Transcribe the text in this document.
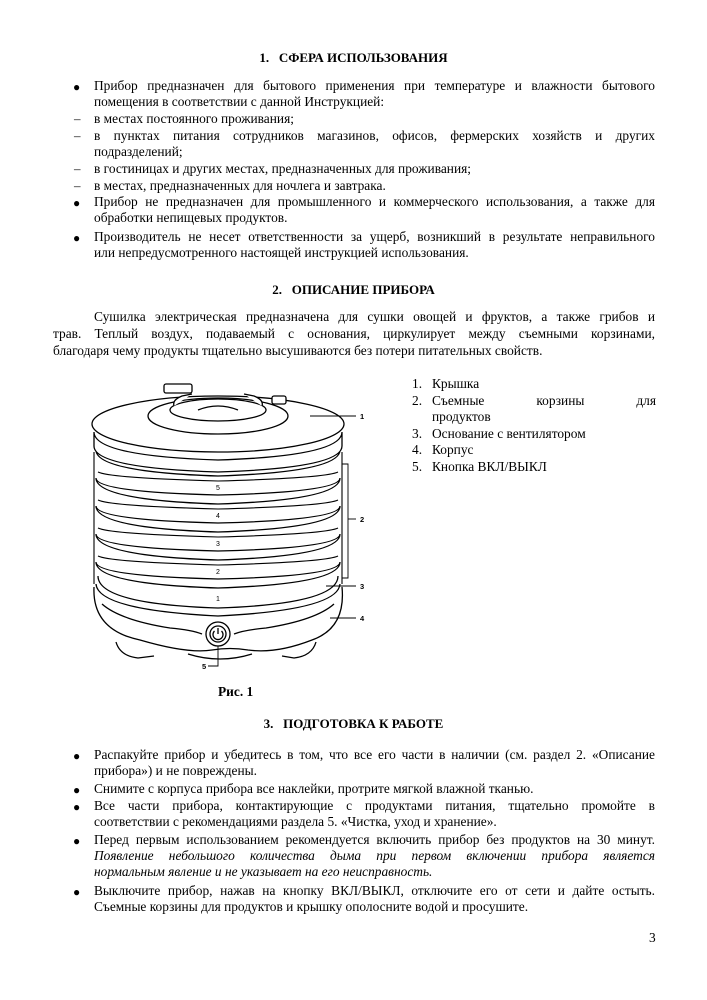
1.   СФЕРА ИСПОЛЬЗОВАНИЯ
● Прибор предназначен для бытового применения при температуре и влажности бытового
помещения в соответствии с данной Инструкцией:
– в местах постоянного проживания;
– в пунктах питания сотрудников магазинов, офисов, фермерских хозяйств и других
подразделений;
– в гостиницах и других местах, предназначенных для проживания;
– в местах, предназначенных для ночлега и завтрака.
● Прибор не предназначен для промышленного и коммерческого использования, а также для
обработки непищевых продуктов.
● Производитель не несет ответственности за ущерб, возникший в результате неправильного
или непредусмотренного настоящей инструкцией использования.
2.   ОПИСАНИЕ ПРИБОРА
Сушилка электрическая предназначена для сушки овощей и фруктов, а также грибов и
трав. Теплый воздух, подаваемый с основания, циркулирует между съемными корзинами,
благодаря чему продукты тщательно высушиваются без потери питательных свойств.
1. Крышка
2. Съемные корзины для
продуктов
3. Основание с вентилятором
4. Корпус
5. Кнопка ВКЛ/ВЫКЛ
5
4
3
2
1
1
2
3
4
5
Рис. 1
3.   ПОДГОТОВКА К РАБОТЕ
● Распакуйте прибор и убедитесь в том, что все его части в наличии (см. раздел 2. «Описание
прибора») и не повреждены.
● Снимите с корпуса прибора все наклейки, протрите мягкой влажной тканью.
● Все части прибора, контактирующие с продуктами питания, тщательно промойте в
соответствии с рекомендациями раздела 5. «Чистка, уход и хранение».
● Перед первым использованием рекомендуется включить прибор без продуктов на 30 минут.
Появление небольшого количества дыма при первом включении прибора является
нормальным явление и не указывает на его неисправность.
● Выключите прибор, нажав на кнопку ВКЛ/ВЫКЛ, отключите его от сети и дайте остыть.
Съемные корзины для продуктов и крышку ополосните водой и просушите.
3
